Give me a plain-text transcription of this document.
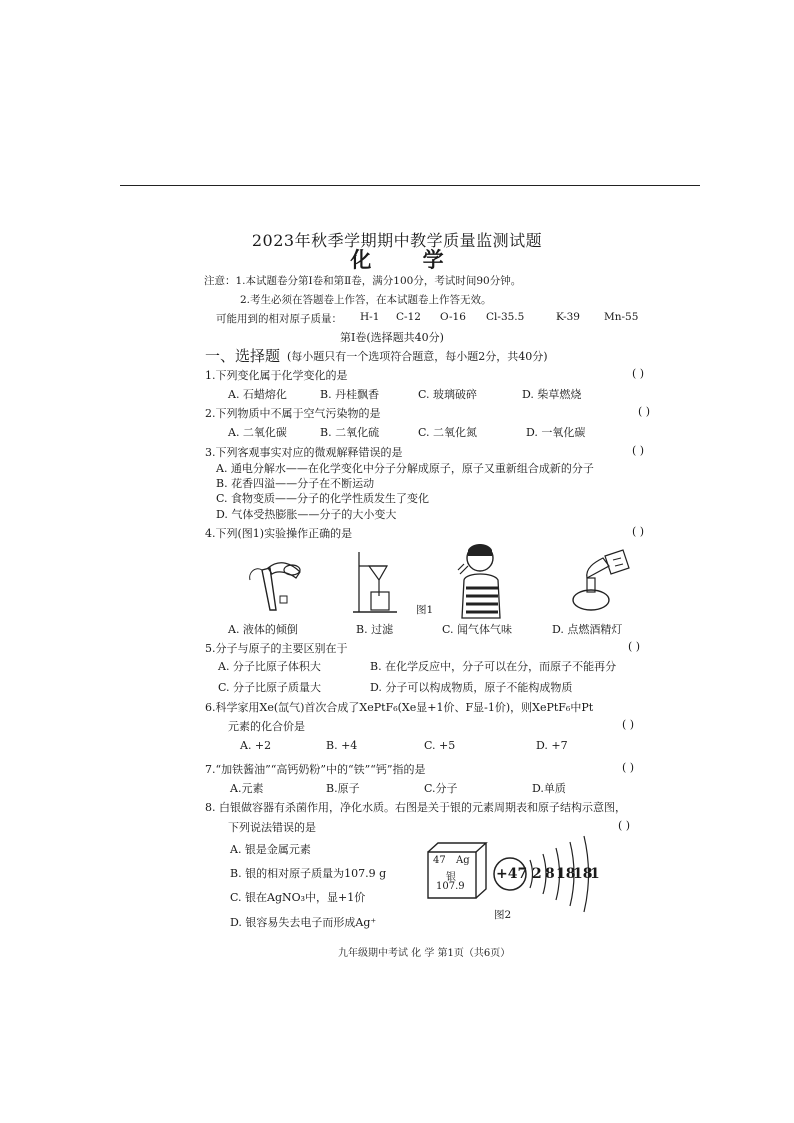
2023年秋季学期期中教学质量监测试题
化 学
注意：1.本试题卷分第Ⅰ卷和第Ⅱ卷，满分100分，考试时间90分钟。
2.考生必须在答题卷上作答，在本试题卷上作答无效。
可能用到的相对原子质量： H-1 C-12 O-16 Cl-35.5	K-39 Mn-55
第Ⅰ卷(选择题共40分)
一、选择题 (每小题只有一个选项符合题意，每小题2分，共40分)
1.下列变化属于化学变化的是	( )
A. 石蜡熔化	B. 丹桂飘香	C. 玻璃破碎	D. 柴草燃烧
2.下列物质中不属于空气污染物的是	( )
A. 二氧化碳	B. 二氧化硫	C. 二氧化氮	D. 一氧化碳
3.下列客观事实对应的微观解释错误的是	( )
A. 通电分解水——在化学变化中分子分解成原子，原子又重新组合成新的分子
B. 花香四溢——分子在不断运动
C. 食物变质——分子的化学性质发生了变化
D. 气体受热膨胀——分子的大小变大
4.下列(图1)实验操作正确的是	( )
图1
A. 液体的倾倒	B. 过滤	C. 闻气体气味	D. 点燃酒精灯
5.分子与原子的主要区别在于	( )
A. 分子比原子体积大	B. 在化学反应中，分子可以在分，而原子不能再分
C. 分子比原子质量大	D. 分子可以构成物质，原子不能构成物质
6.科学家用Xe(氙气)首次合成了XePtF₆(Xe显+1价、F显-1价)，则XePtF₆中Pt
元素的化合价是	( )
A. +2	B. +4	C. +5	D. +7
7.“加铁酱油”“高钙奶粉”中的“铁”“钙”指的是	( )
A.元素	B.原子	C.分子	D.单质
8. 白银做容器有杀菌作用，净化水质。右图是关于银的元素周期表和原子结构示意图，
下列说法错误的是	( )
A. 银是金属元素
B. 银的相对原子质量为107.9 g
C. 银在AgNO₃中，显+1价
D. 银容易失去电子而形成Ag⁺
47 Ag
银
107.9
+47 2 8 18
18
1
图2
九年级期中考试 化 学 第1页（共6页）
